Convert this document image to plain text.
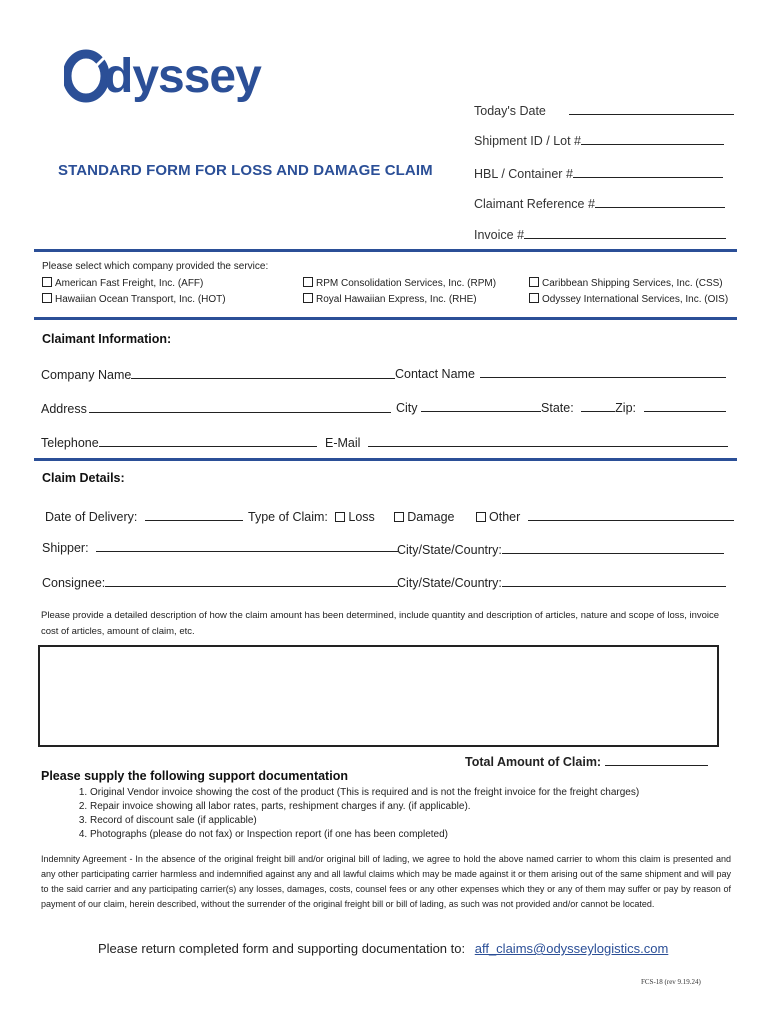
dyssey
Today's Date
Shipment ID / Lot #
HBL / Container #
Claimant Reference #
Invoice #
STANDARD FORM FOR LOSS AND DAMAGE CLAIM
Please select which company provided the service:
American Fast Freight, Inc. (AFF)
Hawaiian Ocean Transport, Inc. (HOT)
RPM Consolidation Services, Inc. (RPM)
Royal Hawaiian Express, Inc. (RHE)
Caribbean Shipping Services, Inc. (CSS)
Odyssey International Services, Inc. (OIS)
Claimant Information:
Company Name	Contact Name
Address	City	State:	Zip:
Telephone	E-Mail
Claim Details:
Date of Delivery:	Type of Claim: Loss	Damage	Other
Shipper:	City/State/Country:
Consignee:	City/State/Country:
Please provide a detailed description of how the claim amount has been determined, include quantity and description of articles, nature and scope of loss, invoice cost of articles, amount of claim, etc.
Total Amount of Claim:
Please supply the following support documentation
1. Original Vendor invoice showing the cost of the product (This is required and is not the freight invoice for the freight charges)
2. Repair invoice showing all labor rates, parts, reshipment charges if any. (if applicable).
3. Record of discount sale (if applicable)
4. Photographs (please do not fax) or Inspection report (if one has been completed)
Indemnity Agreement - In the absence of the original freight bill and/or original bill of lading, we agree to hold the above named carrier to whom this claim is presented and any other participating carrier harmless and indemnified against any and all lawful claims which may be made against it or them arising out of the same shipment and will pay to the said carrier and any participating carrier(s) any losses, damages, costs, counsel fees or any other expenses which they or any of them may suffer or pay by reason of payment of our claim, herein described, without the surrender of the original freight bill or bill of lading, as such was not provided and/or cannot be located.
Please return completed form and supporting documentation to: aff_claims@odysseylogistics.com
FCS-18 (rev 9.19.24)
